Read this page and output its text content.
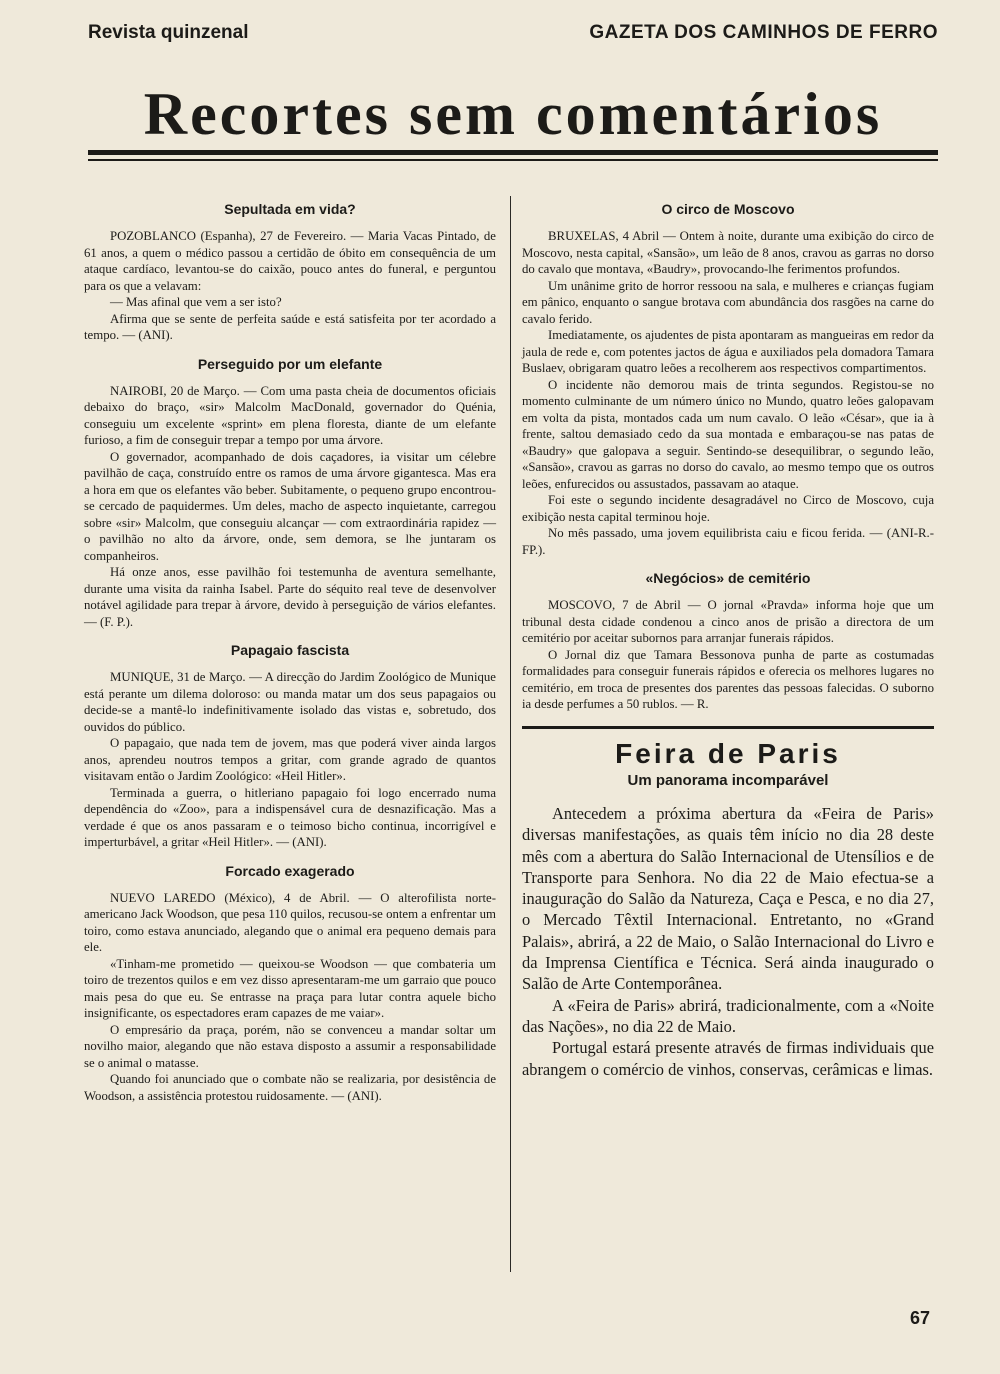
Revista quinzenal	GAZETA DOS CAMINHOS DE FERRO
Recortes sem comentários
Sepultada em vida?

POZOBLANCO (Espanha), 27 de Fevereiro. — Maria Vacas Pintado, de 61 anos, a quem o médico passou a certidão de óbito em consequência de um ataque cardíaco, levantou-se do caixão, pouco antes do funeral, e perguntou para os que a velavam:

— Mas afinal que vem a ser isto?

Afirma que se sente de perfeita saúde e está satisfeita por ter acordado a tempo. — (ANI).

Perseguido por um elefante

NAIROBI, 20 de Março. — Com uma pasta cheia de documentos oficiais debaixo do braço, «sir» Malcolm MacDonald, governador do Quénia, conseguiu um excelente «sprint» em plena floresta, diante de um elefante furioso, a fim de conseguir trepar a tempo por uma árvore.

O governador, acompanhado de dois caçadores, ia visitar um célebre pavilhão de caça, construído entre os ramos de uma árvore gigantesca. Mas era a hora em que os elefantes vão beber. Subitamente, o pequeno grupo encontrou-se cercado de paquidermes. Um deles, macho de aspecto inquietante, carregou sobre «sir» Malcolm, que conseguiu alcançar — com extraordinária rapidez — o pavilhão no alto da árvore, onde, sem demora, se lhe juntaram os companheiros.

Há onze anos, esse pavilhão foi testemunha de aventura semelhante, durante uma visita da rainha Isabel. Parte do séquito real teve de desenvolver notável agilidade para trepar à árvore, devido à perseguição de vários elefantes. — (F. P.).

Papagaio fascista

MUNIQUE, 31 de Março. — A direcção do Jardim Zoológico de Munique está perante um dilema doloroso: ou manda matar um dos seus papagaios ou decide-se a mantê-lo indefinitivamente isolado das vistas e, sobretudo, dos ouvidos do público.

O papagaio, que nada tem de jovem, mas que poderá viver ainda largos anos, aprendeu noutros tempos a gritar, com grande agrado de quantos visitavam então o Jardim Zoológico: «Heil Hitler».

Terminada a guerra, o hitleriano papagaio foi logo encerrado numa dependência do «Zoo», para a indispensável cura de desnazificação. Mas a verdade é que os anos passaram e o teimoso bicho continua, incorrigível e imperturbável, a gritar «Heil Hitler». — (ANI).

Forcado exagerado

NUEVO LAREDO (México), 4 de Abril. — O alterofilista norte-americano Jack Woodson, que pesa 110 quilos, recusou-se ontem a enfrentar um toiro, como estava anunciado, alegando que o animal era pequeno demais para ele.

«Tinham-me prometido — queixou-se Woodson — que combateria um toiro de trezentos quilos e em vez disso apresentaram-me um garraio que pouco mais pesa do que eu. Se entrasse na praça para lutar contra aquele bicho insignificante, os espectadores eram capazes de me vaiar».

O empresário da praça, porém, não se convenceu a mandar soltar um novilho maior, alegando que não estava disposto a assumir a responsabilidade se o animal o matasse.

Quando foi anunciado que o combate não se realizaria, por desistência de Woodson, a assistência protestou ruidosamente. — (ANI).

O circo de Moscovo

BRUXELAS, 4 Abril — Ontem à noite, durante uma exibição do circo de Moscovo, nesta capital, «Sansão», um leão de 8 anos, cravou as garras no dorso do cavalo que montava, «Baudry», provocando-lhe ferimentos profundos.

Um unânime grito de horror ressoou na sala, e mulheres e crianças fugiam em pânico, enquanto o sangue brotava com abundância dos rasgões na carne do cavalo ferido.

Imediatamente, os ajudentes de pista apontaram as mangueiras em redor da jaula de rede e, com potentes jactos de água e auxiliados pela domadora Tamara Buslaev, obrigaram quatro leões a recolherem aos respectivos compartimentos.

O incidente não demorou mais de trinta segundos. Registou-se no momento culminante de um número único no Mundo, quatro leões galopavam em volta da pista, montados cada um num cavalo. O leão «César», que ia à frente, saltou demasiado cedo da sua montada e embaraçou-se nas patas de «Baudry» que galopava a seguir. Sentindo-se desequilibrar, o segundo leão, «Sansão», cravou as garras no dorso do cavalo, ao mesmo tempo que os outros leões, enfurecidos ou assustados, passavam ao ataque.

Foi este o segundo incidente desagradável no Circo de Moscovo, cuja exibição nesta capital terminou hoje.

No mês passado, uma jovem equilibrista caiu e ficou ferida. — (ANI-R.-FP.).

«Negócios» de cemitério

MOSCOVO, 7 de Abril — O jornal «Pravda» informa hoje que um tribunal desta cidade condenou a cinco anos de prisão a directora de um cemitério por aceitar subornos para arranjar funerais rápidos.

O Jornal diz que Tamara Bessonova punha de parte as costumadas formalidades para conseguir funerais rápidos e oferecia os melhores lugares no cemitério, em troca de presentes dos parentes das pessoas falecidas. O suborno ia desde perfumes a 50 rublos. — R.

Feira de Paris
Um panorama incomparável

Antecedem a próxima abertura da «Feira de Paris» diversas manifestações, as quais têm início no dia 28 deste mês com a abertura do Salão Internacional de Utensílios e de Transporte para Senhora. No dia 22 de Maio efectua-se a inauguração do Salão da Natureza, Caça e Pesca, e no dia 27, o Mercado Têxtil Internacional. Entretanto, no «Grand Palais», abrirá, a 22 de Maio, o Salão Internacional do Livro e da Imprensa Científica e Técnica. Será ainda inaugurado o Salão de Arte Contemporânea.

A «Feira de Paris» abrirá, tradicionalmente, com a «Noite das Nações», no dia 22 de Maio.

Portugal estará presente através de firmas individuais que abrangem o comércio de vinhos, conservas, cerâmicas e limas.

67
